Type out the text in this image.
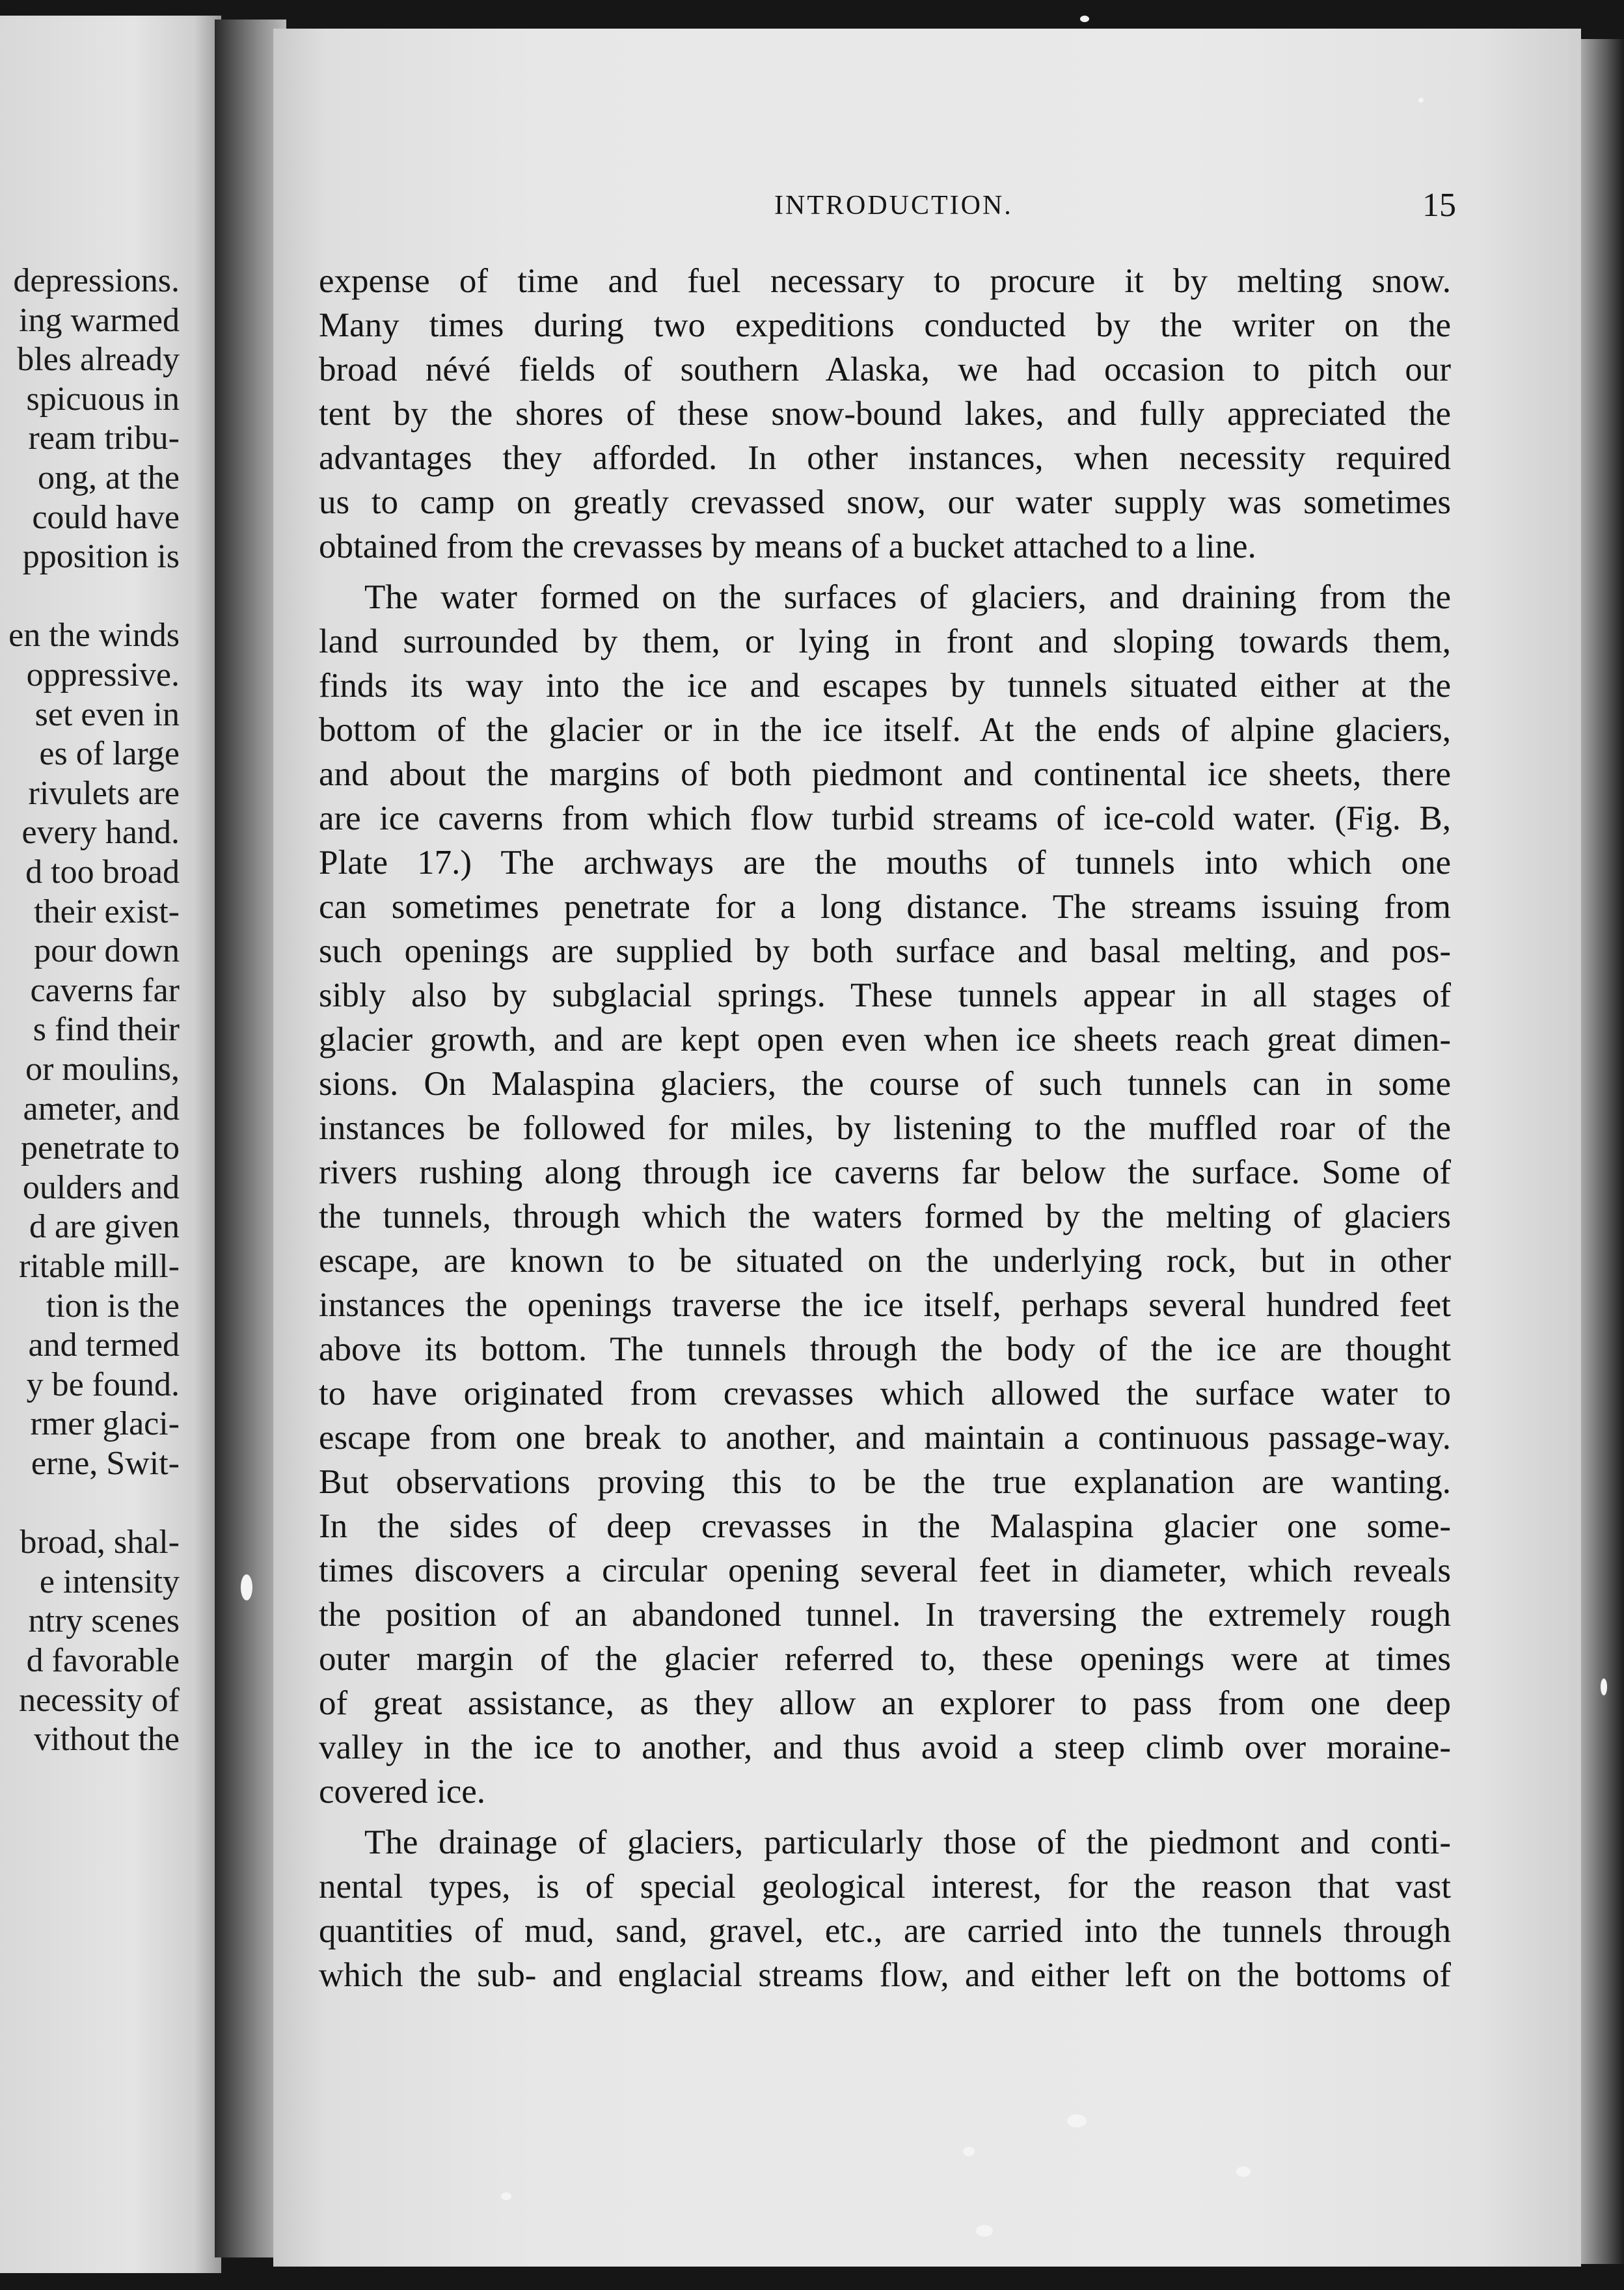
depressions.
ing warmed
bles already
spicuous in
ream tribu-
ong, at the
could have
pposition is
en the winds
oppressive.
set even in
es of large
rivulets are
every hand.
d too broad
their exist-
pour down
caverns far
s find their
or moulins,
ameter, and
penetrate to
oulders and
d are given
ritable mill-
tion is the
and termed
y be found.
rmer glaci-
erne, Swit-
broad, shal-
e intensity
ntry scenes
d favorable
necessity of
vithout the
INTRODUCTION.	15
expense of time and fuel necessary to procure it by melting snow.
Many times during two expeditions conducted by the writer on the
broad névé fields of southern Alaska, we had occasion to pitch our
tent by the shores of these snow-bound lakes, and fully appreciated the
advantages they afforded. In other instances, when necessity required
us to camp on greatly crevassed snow, our water supply was sometimes
obtained from the crevasses by means of a bucket attached to a line.
The water formed on the surfaces of glaciers, and draining from the
land surrounded by them, or lying in front and sloping towards them,
finds its way into the ice and escapes by tunnels situated either at the
bottom of the glacier or in the ice itself. At the ends of alpine glaciers,
and about the margins of both piedmont and continental ice sheets, there
are ice caverns from which flow turbid streams of ice-cold water. (Fig. B,
Plate 17.) The archways are the mouths of tunnels into which one
can sometimes penetrate for a long distance. The streams issuing from
such openings are supplied by both surface and basal melting, and pos-
sibly also by subglacial springs. These tunnels appear in all stages of
glacier growth, and are kept open even when ice sheets reach great dimen-
sions. On Malaspina glaciers, the course of such tunnels can in some
instances be followed for miles, by listening to the muffled roar of the
rivers rushing along through ice caverns far below the surface. Some of
the tunnels, through which the waters formed by the melting of glaciers
escape, are known to be situated on the underlying rock, but in other
instances the openings traverse the ice itself, perhaps several hundred feet
above its bottom. The tunnels through the body of the ice are thought
to have originated from crevasses which allowed the surface water to
escape from one break to another, and maintain a continuous passage-way.
But observations proving this to be the true explanation are wanting.
In the sides of deep crevasses in the Malaspina glacier one some-
times discovers a circular opening several feet in diameter, which reveals
the position of an abandoned tunnel. In traversing the extremely rough
outer margin of the glacier referred to, these openings were at times
of great assistance, as they allow an explorer to pass from one deep
valley in the ice to another, and thus avoid a steep climb over moraine-
covered ice.
The drainage of glaciers, particularly those of the piedmont and conti-
nental types, is of special geological interest, for the reason that vast
quantities of mud, sand, gravel, etc., are carried into the tunnels through
which the sub- and englacial streams flow, and either left on the bottoms of
